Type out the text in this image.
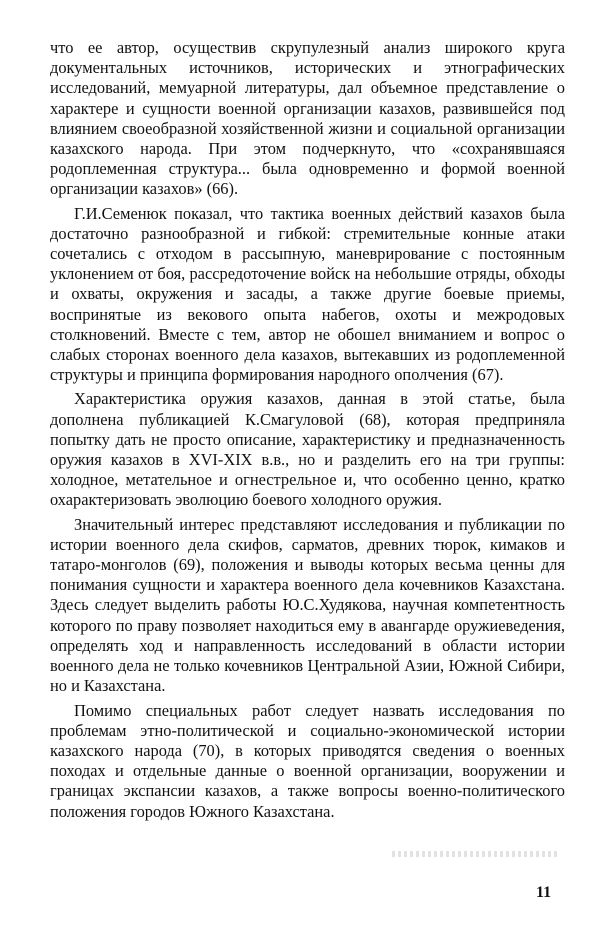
что ее автор, осуществив скрупулезный анализ широкого круга документальных источников, исторических и этнографических исследований, мемуарной литературы, дал объемное представление о характере и сущности военной организации казахов, развившейся под влиянием своеобразной хозяйственной жизни и социальной организации казахского народа. При этом подчеркнуто, что «сохранявшаяся родоплеменная структура... была одновременно и формой военной организации казахов» (66).

Г.И.Семенюк показал, что тактика военных действий казахов была достаточно разнообразной и гибкой: стремительные конные атаки сочетались с отходом в рассыпную, маневрирование с постоянным уклонением от боя, рассредоточение войск на небольшие отряды, обходы и охваты, окружения и засады, а также другие боевые приемы, воспринятые из векового опыта набегов, охоты и межродовых столкновений. Вместе с тем, автор не обошел вниманием и вопрос о слабых сторонах военного дела казахов, вытекавших из родоплеменной структуры и принципа формирования народного ополчения (67).

Характеристика оружия казахов, данная в этой статье, была дополнена публикацией К.Смагуловой (68), которая предприняла попытку дать не просто описание, характеристику и предназначенность оружия казахов в XVI-XIX в.в., но и разделить его на три группы: холодное, метательное и огнестрельное и, что особенно ценно, кратко охарактеризовать эволюцию боевого холодного оружия.

Значительный интерес представляют исследования и публикации по истории военного дела скифов, сарматов, древних тюрок, кимаков и татаро-монголов (69), положения и выводы которых весьма ценны для понимания сущности и характера военного дела кочевников Казахстана. Здесь следует выделить работы Ю.С.Худякова, научная компетентность которого по праву позволяет находиться ему в авангарде оружиеведения, определять ход и направленность исследований в области истории военного дела не только кочевников Центральной Азии, Южной Сибири, но и Казахстана.

Помимо специальных работ следует назвать исследования по проблемам этно-политической и социально-экономической истории казахского народа (70), в которых приводятся сведения о военных походах и отдельные данные о военной организации, вооружении и границах экспансии казахов, а также вопросы военно-политического положения городов Южного Казахстана.

11
